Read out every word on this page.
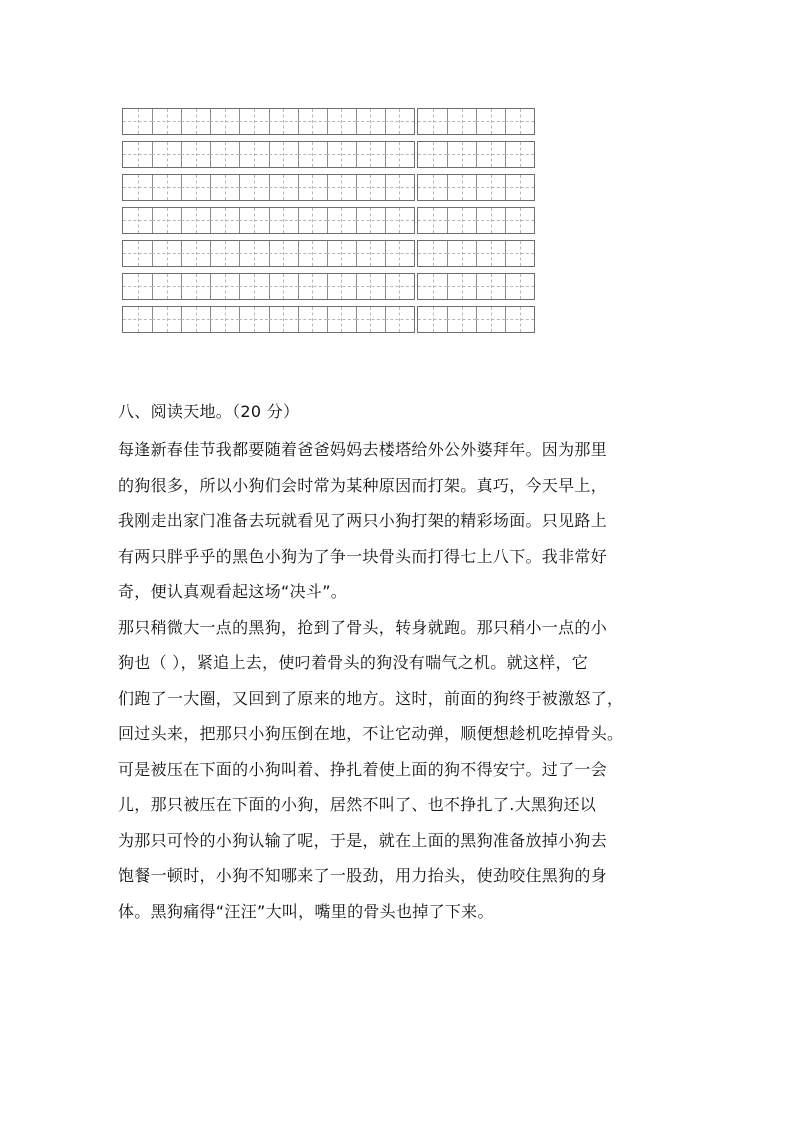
八、阅读天地。（20 分）
每逢新春佳节我都要随着爸爸妈妈去楼塔给外公外婆拜年。因为那里
的狗很多，所以小狗们会时常为某种原因而打架。真巧，今天早上，
我刚走出家门准备去玩就看见了两只小狗打架的精彩场面。只见路上
有两只胖乎乎的黑色小狗为了争一块骨头而打得七上八下。我非常好
奇，便认真观看起这场“决斗”。
那只稍微大一点的黑狗，抢到了骨头，转身就跑。那只稍小一点的小
狗也（ ），紧追上去，使叼着骨头的狗没有喘气之机。就这样，它
们跑了一大圈，又回到了原来的地方。这时，前面的狗终于被激怒了，
回过头来，把那只小狗压倒在地，不让它动弹，顺便想趁机吃掉骨头。
可是被压在下面的小狗叫着、挣扎着使上面的狗不得安宁。过了一会
儿，那只被压在下面的小狗，居然不叫了、也不挣扎了.大黑狗还以
为那只可怜的小狗认输了呢，于是，就在上面的黑狗准备放掉小狗去
饱餐一顿时，小狗不知哪来了一股劲，用力抬头，使劲咬住黑狗的身
体。黑狗痛得“汪汪”大叫，嘴里的骨头也掉了下来。
